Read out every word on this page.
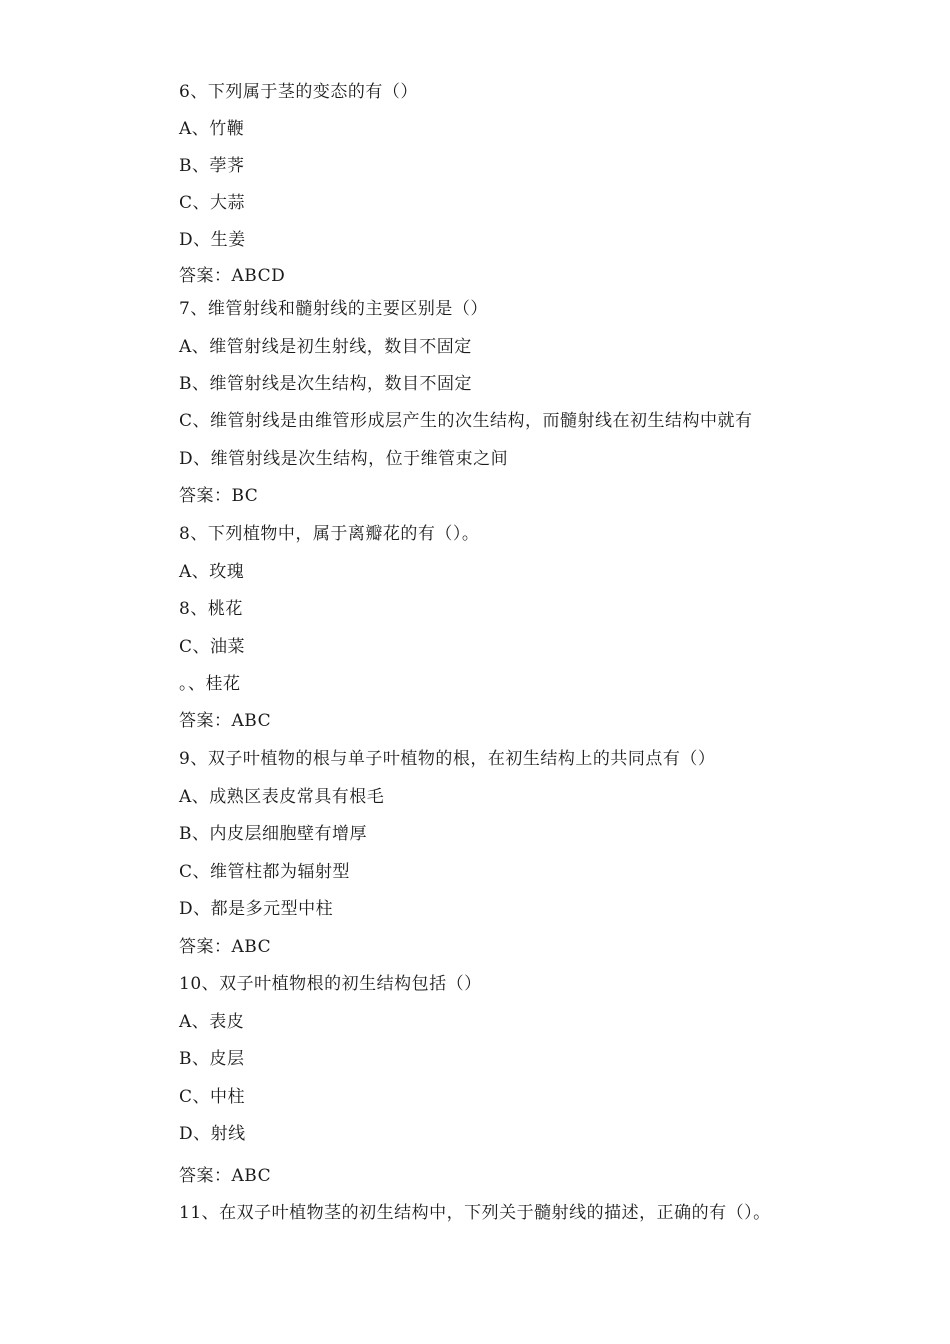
6、下列属于茎的变态的有（）
A、竹鞭
B、荸荠
C、大蒜
D、生姜
答案：ABCD
7、维管射线和髓射线的主要区别是（）
A、维管射线是初生射线，数目不固定
B、维管射线是次生结构，数目不固定
C、维管射线是由维管形成层产生的次生结构，而髓射线在初生结构中就有
D、维管射线是次生结构，位于维管束之间
答案：BC
8、下列植物中，属于离瓣花的有（）。
A、玫瑰
8、桃花
C、油菜
。、桂花
答案：ABC
9、双子叶植物的根与单子叶植物的根，在初生结构上的共同点有（）
A、成熟区表皮常具有根毛
B、内皮层细胞壁有增厚
C、维管柱都为辐射型
D、都是多元型中柱
答案：ABC
10、双子叶植物根的初生结构包括（）
A、表皮
B、皮层
C、中柱
D、射线
答案：ABC
11、在双子叶植物茎的初生结构中，下列关于髓射线的描述，正确的有（）。
